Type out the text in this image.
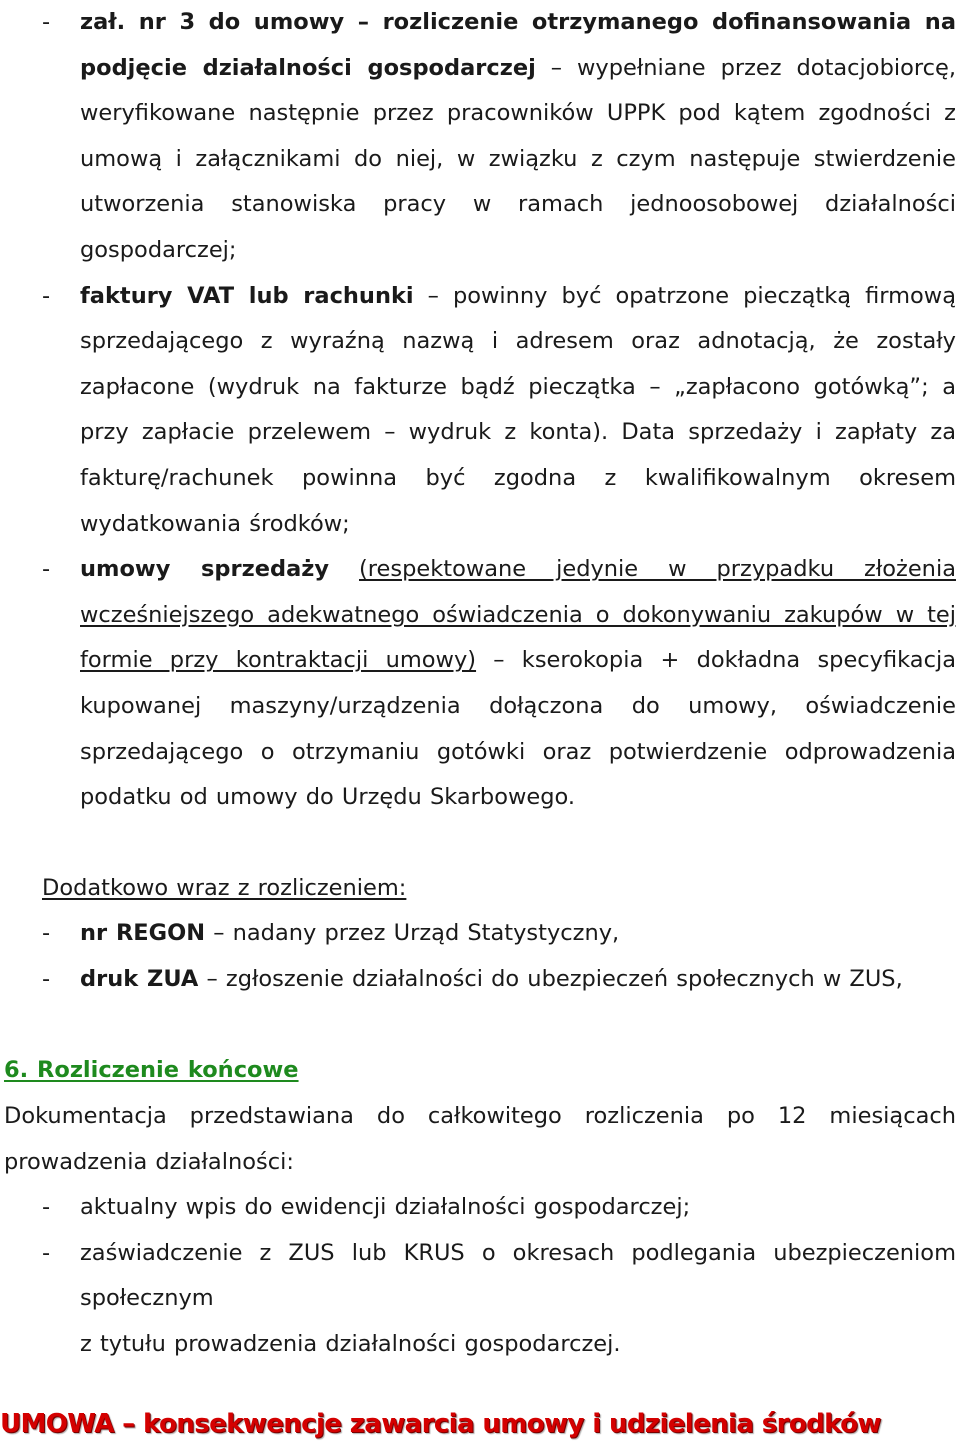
- zał. nr 3 do umowy – rozliczenie otrzymanego dofinansowania na podjęcie działalności gospodarczej – wypełniane przez dotacjobiorcę, weryfikowane następnie przez pracowników UPPK pod kątem zgodności z umową i załącznikami do niej, w związku z czym następuje stwierdzenie utworzenia stanowiska pracy w ramach jednoosobowej działalności gospodarczej;

- faktury VAT lub rachunki – powinny być opatrzone pieczątką firmową sprzedającego z wyraźną nazwą i adresem oraz adnotacją, że zostały zapłacone (wydruk na fakturze bądź pieczątka – „zapłacono gotówką”; a przy zapłacie przelewem – wydruk z konta). Data sprzedaży i zapłaty za fakturę/rachunek powinna być zgodna z kwalifikowalnym okresem wydatkowania środków;

- umowy sprzedaży (respektowane jedynie w przypadku złożenia wcześniejszego adekwatnego oświadczenia o dokonywaniu zakupów w tej formie przy kontraktacji umowy) – kserokopia + dokładna specyfikacja kupowanej maszyny/urządzenia dołączona do umowy, oświadczenie sprzedającego o otrzymaniu gotówki oraz potwierdzenie odprowadzenia podatku od umowy do Urzędu Skarbowego.

Dodatkowo wraz z rozliczeniem:

- nr REGON – nadany przez Urząd Statystyczny,

- druk ZUA – zgłoszenie działalności do ubezpieczeń społecznych w ZUS,

6. Rozliczenie końcowe

Dokumentacja przedstawiana do całkowitego rozliczenia po 12 miesiącach prowadzenia działalności:

- aktualny wpis do ewidencji działalności gospodarczej;

- zaświadczenie z ZUS lub KRUS o okresach podlegania ubezpieczeniom społecznym

z tytułu prowadzenia działalności gospodarczej.

UMOWA – konsekwencje zawarcia umowy i udzielenia środków
